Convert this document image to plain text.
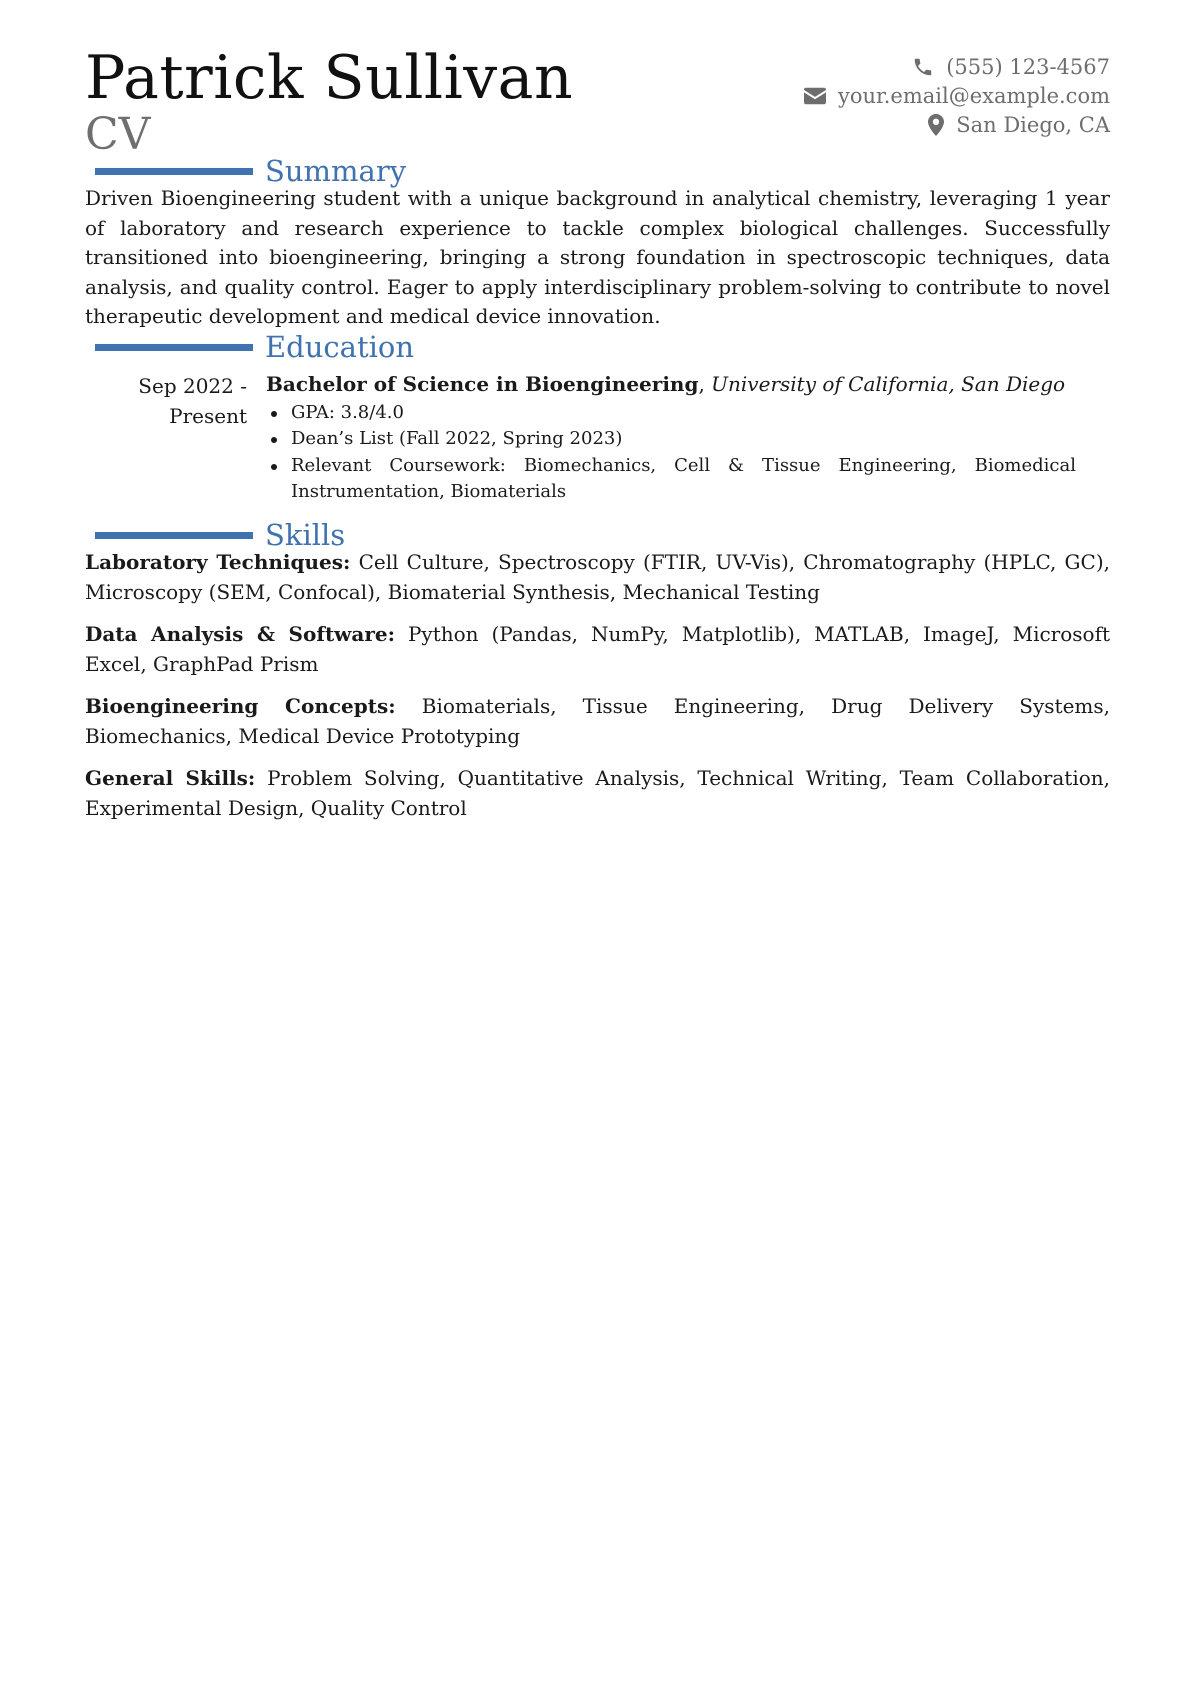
Patrick Sullivan
CV
(555) 123-4567
your.email@example.com
San Diego, CA
Summary

Driven Bioengineering student with a unique background in analytical chemistry, leveraging 1 year of laboratory and research experience to tackle complex biological challenges. Successfully transitioned into bioengineering, bringing a strong foundation in spectroscopic techniques, data analysis, and quality control. Eager to apply interdisciplinary problem-solving to contribute to novel therapeutic development and medical device innovation.

Education
Sep 2022 - Present
Bachelor of Science in Bioengineering, University of California, San Diego
GPA: 3.8/4.0
Dean’s List (Fall 2022, Spring 2023)
Relevant Coursework: Biomechanics, Cell & Tissue Engineering, Biomedical Instrumentation, Biomaterials
Skills

Laboratory Techniques: Cell Culture, Spectroscopy (FTIR, UV-Vis), Chromatography (HPLC, GC), Microscopy (SEM, Confocal), Biomaterial Synthesis, Mechanical Testing

Data Analysis & Software: Python (Pandas, NumPy, Matplotlib), MATLAB, ImageJ, Microsoft Excel, GraphPad Prism

Bioengineering Concepts: Biomaterials, Tissue Engineering, Drug Delivery Systems, Biomechanics, Medical Device Prototyping

General Skills: Problem Solving, Quantitative Analysis, Technical Writing, Team Collaboration, Experimental Design, Quality Control
